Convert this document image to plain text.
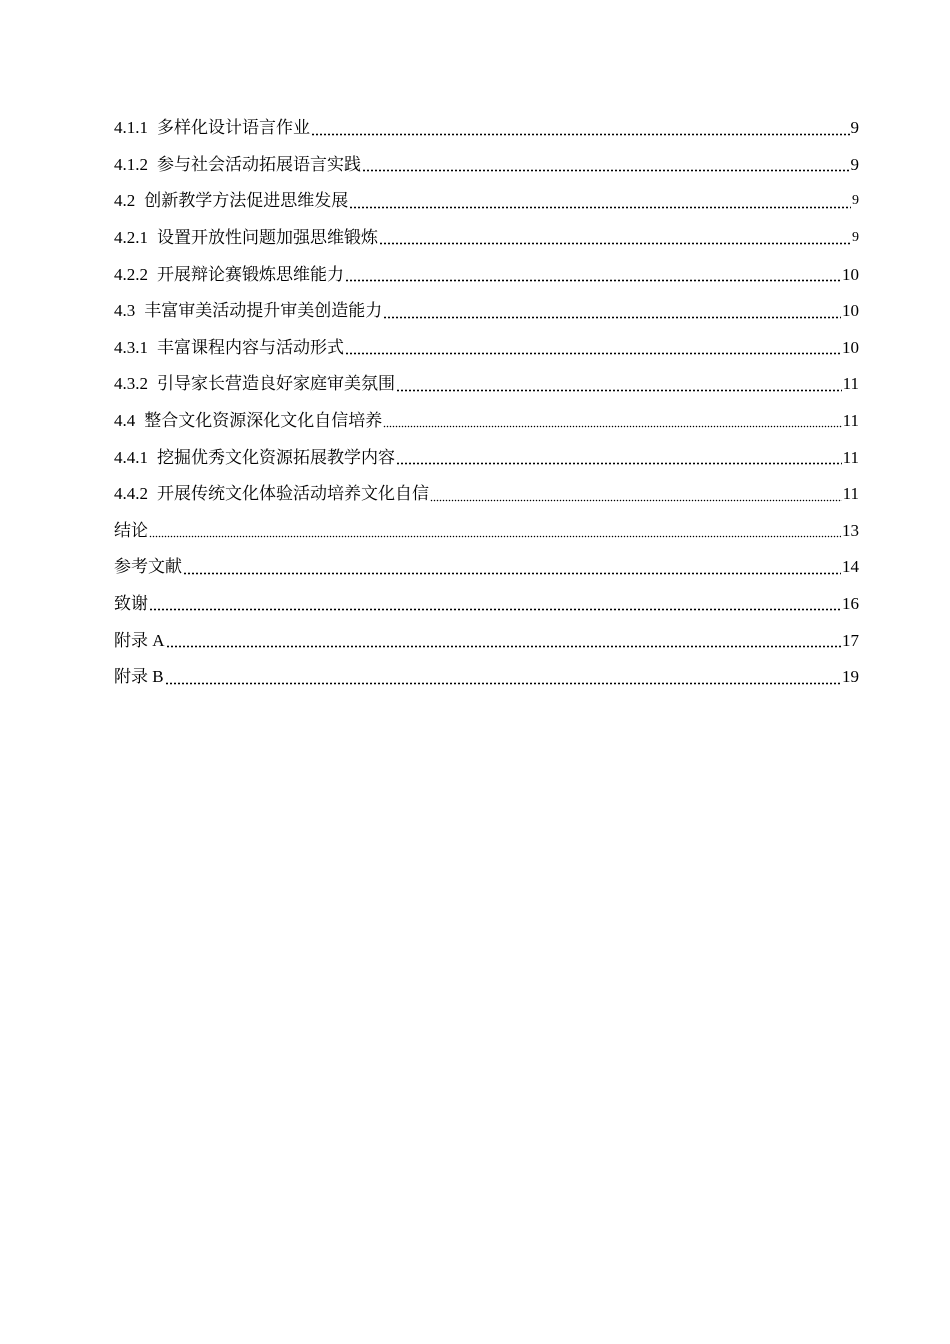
4.1.1 多样化设计语言作业	9
4.1.2 参与社会活动拓展语言实践	9
4.2 创新教学方法促进思维发展	9
4.2.1 设置开放性问题加强思维锻炼	9
4.2.2 开展辩论赛锻炼思维能力	10
4.3 丰富审美活动提升审美创造能力	10
4.3.1 丰富课程内容与活动形式	10
4.3.2 引导家长营造良好家庭审美氛围	11
4.4 整合文化资源深化文化自信培养	11
4.4.1 挖掘优秀文化资源拓展教学内容	11
4.4.2 开展传统文化体验活动培养文化自信	11
结论	13
参考文献	14
致谢	16
附录 A	17
附录 B	19
